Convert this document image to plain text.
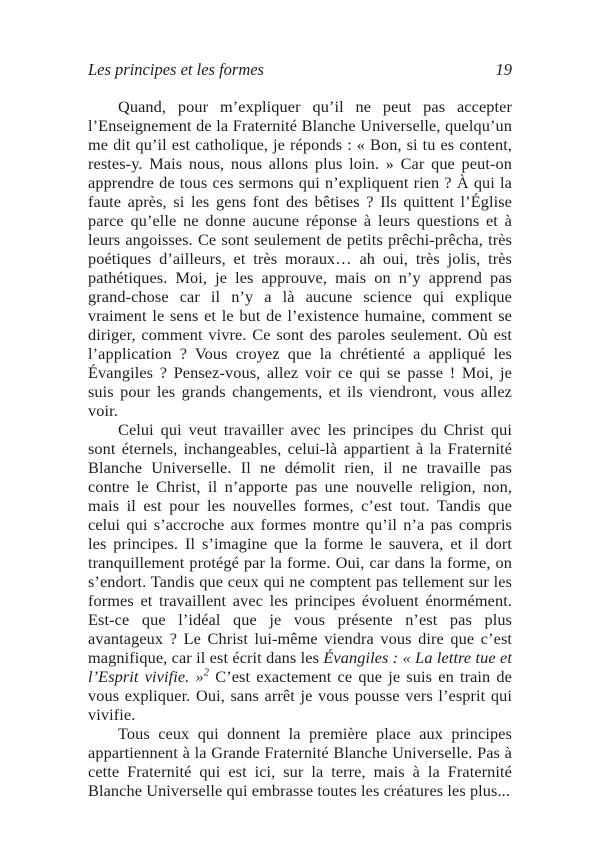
Les principes et les formes	19

Quand, pour m’expliquer qu’il ne peut pas accepter l’Enseignement de la Fraternité Blanche Universelle, quelqu’un me dit qu’il est catholique, je réponds : « Bon, si tu es content, restes-y. Mais nous, nous allons plus loin. » Car que peut-on apprendre de tous ces sermons qui n’expliquent rien ? À qui la faute après, si les gens font des bêtises ? Ils quittent l’Église parce qu’elle ne donne aucune réponse à leurs questions et à leurs angoisses. Ce sont seulement de petits prêchi-prêcha, très poétiques d’ailleurs, et très moraux… ah oui, très jolis, très pathétiques. Moi, je les approuve, mais on n’y apprend pas grand-chose car il n’y a là aucune science qui explique vraiment le sens et le but de l’existence humaine, comment se diriger, comment vivre. Ce sont des paroles seulement. Où est l’application ? Vous croyez que la chrétienté a appliqué les Évangiles ? Pensez-vous, allez voir ce qui se passe ! Moi, je suis pour les grands changements, et ils viendront, vous allez voir.

Celui qui veut travailler avec les principes du Christ qui sont éternels, inchangeables, celui-là appartient à la Fraternité Blanche Universelle. Il ne démolit rien, il ne travaille pas contre le Christ, il n’apporte pas une nouvelle religion, non, mais il est pour les nouvelles formes, c’est tout. Tandis que celui qui s’accroche aux formes montre qu’il n’a pas compris les principes. Il s’imagine que la forme le sauvera, et il dort tranquillement protégé par la forme. Oui, car dans la forme, on s’endort. Tandis que ceux qui ne comptent pas tellement sur les formes et travaillent avec les principes évoluent énormément. Est-ce que l’idéal que je vous présente n’est pas plus avantageux ? Le Christ lui-même viendra vous dire que c’est magnifique, car il est écrit dans les Évangiles : « La lettre tue et l’Esprit vivifie. »$^2$ C’est exactement ce que je suis en train de vous expliquer. Oui, sans arrêt je vous pousse vers l’esprit qui vivifie.

Tous ceux qui donnent la première place aux principes appartiennent à la Grande Fraternité Blanche Universelle. Pas à cette Fraternité qui est ici, sur la terre, mais à la Fraternité Blanche Universelle qui embrasse toutes les créatures les plus...
